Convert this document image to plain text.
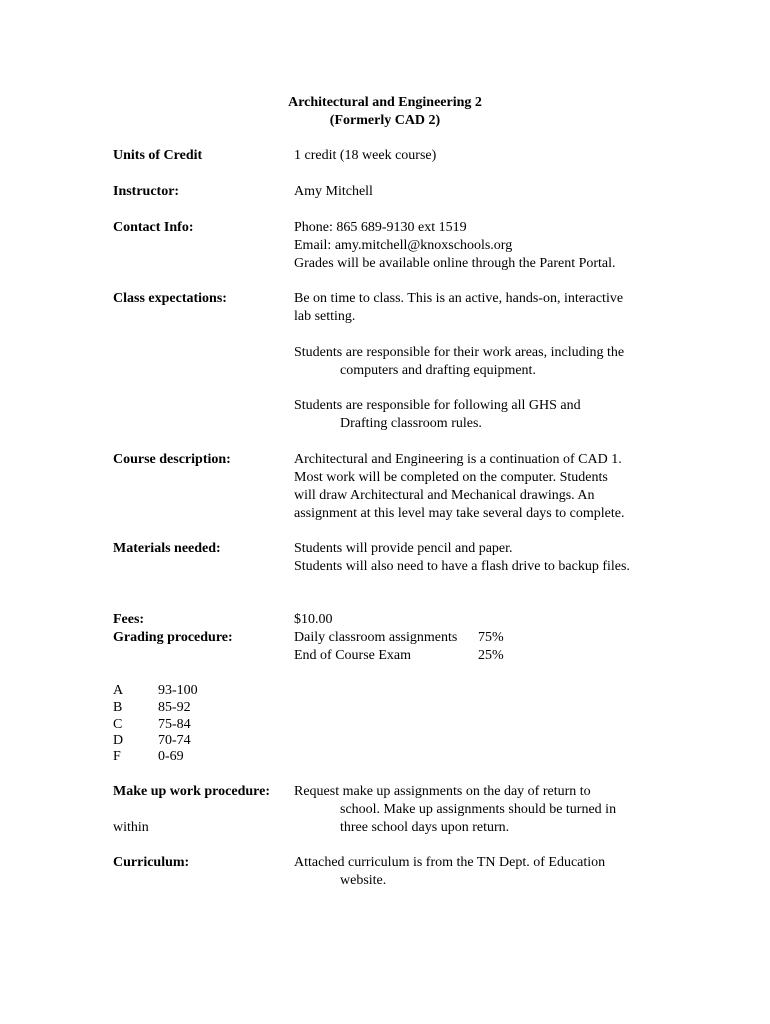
Architectural and Engineering 2
(Formerly CAD 2)
Units of Credit	1 credit (18 week course)
Instructor:	Amy Mitchell
Contact Info:	Phone: 865 689-9130 ext 1519
Email: amy.mitchell@knoxschools.org
Grades will be available online through the Parent Portal.
Class expectations:	Be on time to class. This is an active, hands-on, interactive
lab setting.
Students are responsible for their work areas, including the
computers and drafting equipment.
Students are responsible for following all GHS and
Drafting classroom rules.
Course description:	Architectural and Engineering is a continuation of CAD 1.
Most work will be completed on the computer. Students
will draw Architectural and Mechanical drawings. An
assignment at this level may take several days to complete.
Materials needed:	Students will provide pencil and paper.
Students will also need to have a flash drive to backup files.
Fees:	$10.00
Grading procedure:	Daily classroom assignments 75%
End of Course Exam	25%
A 93-100
B	85-92
C	75-84
D 70-74
F	0-69
Make up work procedure: Request make up assignments on the day of return to
school. Make up assignments should be turned in
within	three school days upon return.
Curriculum:	Attached curriculum is from the TN Dept. of Education
website.
